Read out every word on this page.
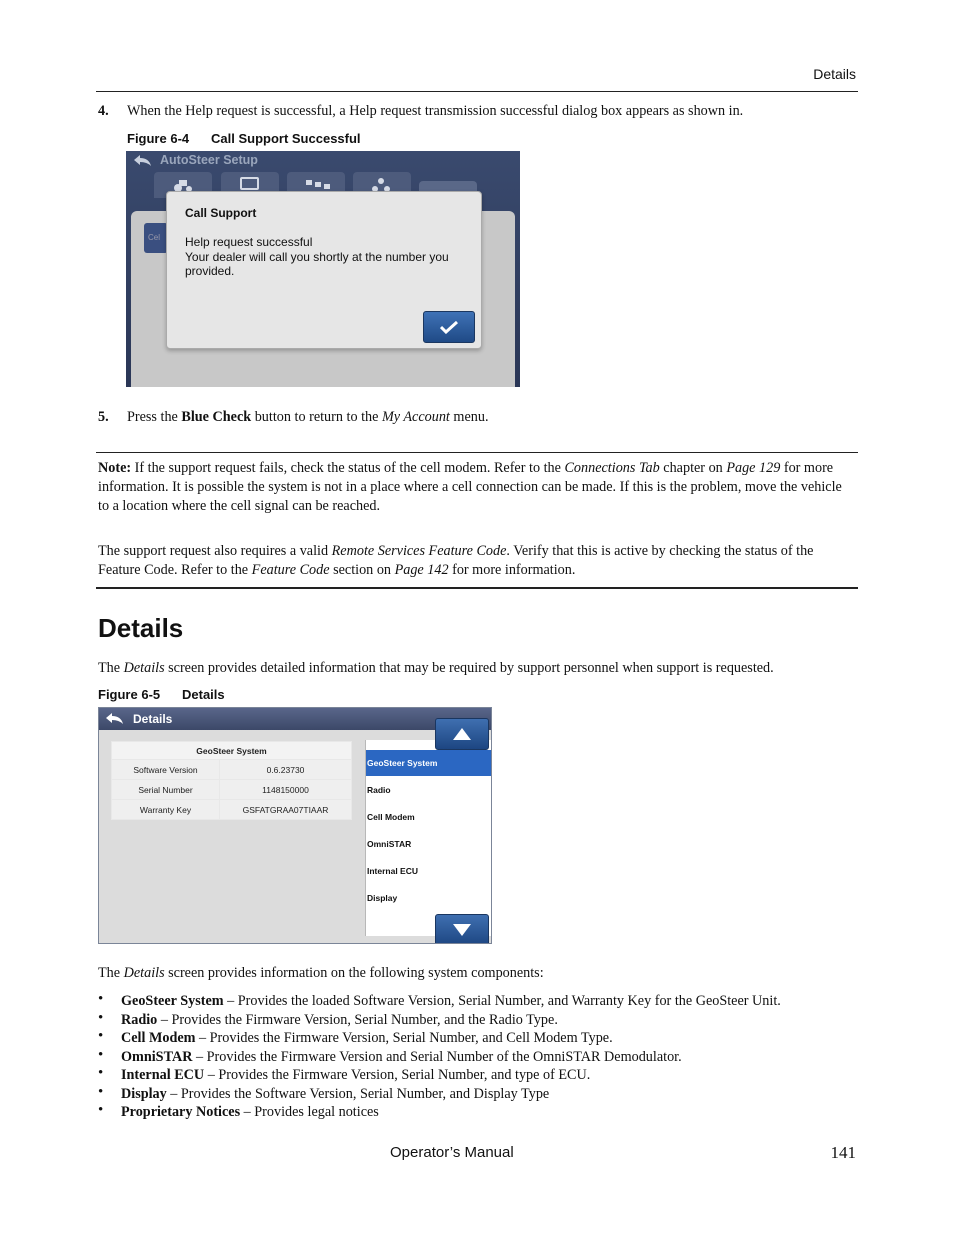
Details
4. When the Help request is successful, a Help request transmission successful dialog box appears as shown in.
Figure 6-4 Call Support Successful
AutoSteer Setup
Cel
Call Support
Help request successful
Your dealer will call you shortly at the number you provided.
5. Press the Blue Check button to return to the My Account menu.
Note: If the support request fails, check the status of the cell modem. Refer to the Connections Tab chapter on Page 129 for more information. It is possible the system is not in a place where a cell connection can be made. If this is the problem, move the vehicle to a location where the cell signal can be reached.
The support request also requires a valid Remote Services Feature Code. Verify that this is active by checking the status of the Feature Code. Refer to the Feature Code section on Page 142 for more information.
Details
The Details screen provides detailed information that may be required by support personnel when support is requested.
Figure 6-5 Details
Details
GeoSteer System	
Software Version	0.6.23730
Serial Number	1148150000
Warranty Key	GSFATGRAA07TIAAR
GeoSteer System
Radio
Cell Modem
OmniSTAR
Internal ECU
Display
The Details screen provides information on the following system components:
• GeoSteer System – Provides the loaded Software Version, Serial Number, and Warranty Key for the GeoSteer Unit.
• Radio – Provides the Firmware Version, Serial Number, and the Radio Type.
• Cell Modem – Provides the Firmware Version, Serial Number, and Cell Modem Type.
• OmniSTAR – Provides the Firmware Version and Serial Number of the OmniSTAR Demodulator.
• Internal ECU – Provides the Firmware Version, Serial Number, and type of ECU.
• Display – Provides the Software Version, Serial Number, and Display Type
• Proprietary Notices – Provides legal notices
Operator’s Manual	141
